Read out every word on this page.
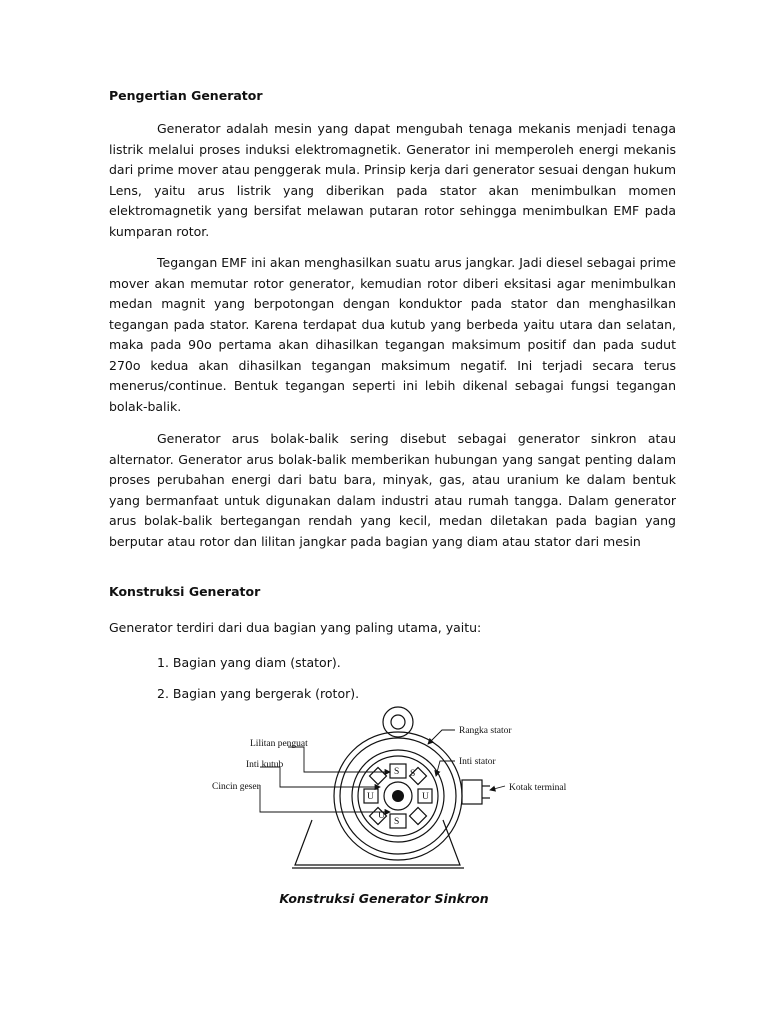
Pengertian Generator

Generator adalah mesin yang dapat mengubah tenaga mekanis menjadi tenaga listrik melalui proses induksi elektromagnetik. Generator ini memperoleh energi mekanis dari prime mover atau penggerak mula. Prinsip kerja dari generator sesuai dengan hukum Lens, yaitu arus listrik yang diberikan pada stator akan menimbulkan momen elektromagnetik yang bersifat melawan putaran rotor sehingga menimbulkan EMF pada kumparan rotor.

Tegangan EMF ini akan menghasilkan suatu arus jangkar. Jadi diesel sebagai prime mover akan memutar rotor generator, kemudian rotor diberi eksitasi agar menimbulkan medan magnit yang berpotongan dengan konduktor pada stator dan menghasilkan tegangan pada stator. Karena terdapat dua kutub yang berbeda yaitu utara dan selatan, maka pada 90o pertama akan dihasilkan tegangan maksimum positif dan pada sudut 270o kedua akan dihasilkan tegangan maksimum negatif. Ini terjadi secara terus menerus/continue. Bentuk tegangan seperti ini lebih dikenal sebagai fungsi tegangan bolak-balik.

Generator arus bolak-balik sering disebut sebagai generator sinkron atau alternator. Generator arus bolak-balik memberikan hubungan yang sangat penting dalam proses perubahan energi dari batu bara, minyak, gas, atau uranium ke dalam bentuk yang bermanfaat untuk digunakan dalam industri atau rumah tangga. Dalam generator arus bolak-balik bertegangan rendah yang kecil, medan diletakan pada bagian yang berputar atau rotor dan lilitan jangkar pada bagian yang diam atau stator dari mesin

Konstruksi Generator

Generator terdiri dari dua bagian yang paling utama, yaitu:

1. Bagian yang diam (stator).

2. Bagian yang bergerak (rotor).

S
U
S
U
S
U
Rangka stator
Lilitan penguat
Inti stator
Inti kutub
Cincin geser	Kotak terminal

Konstruksi Generator Sinkron
